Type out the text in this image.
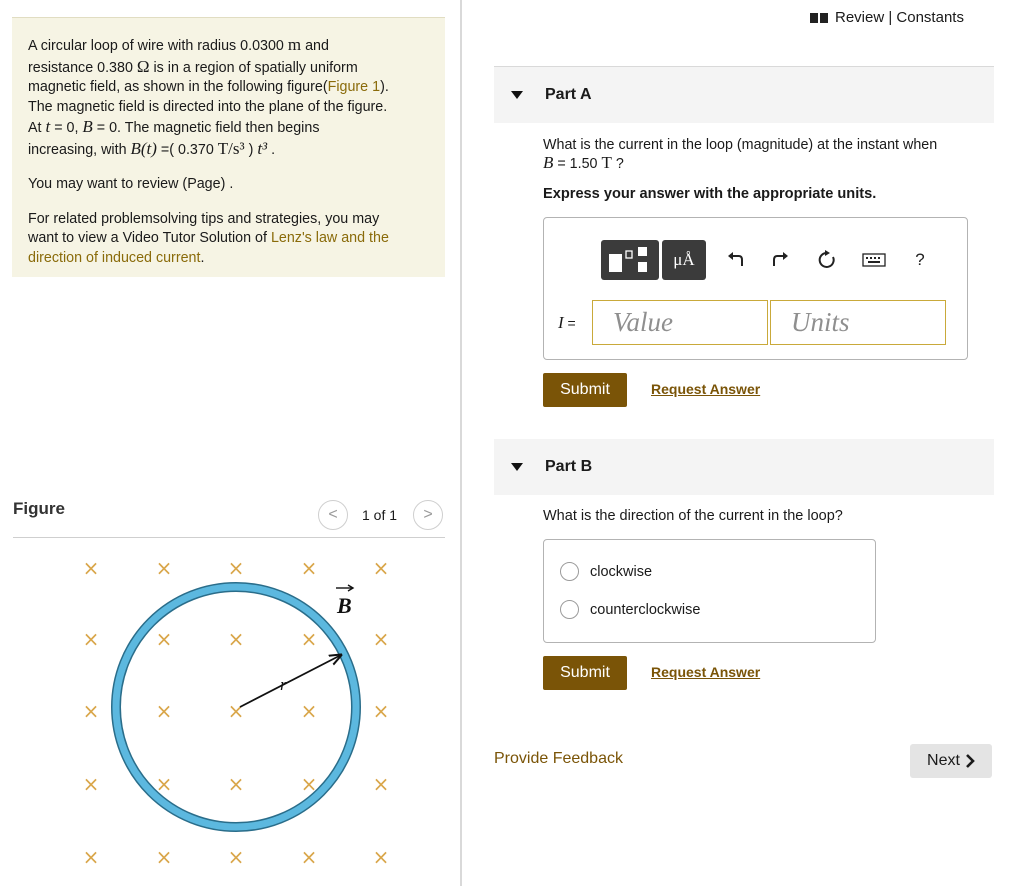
Review | Constants

A circular loop of wire with radius 0.0300 m and
resistance 0.380 Ω is in a region of spatially uniform
magnetic field, as shown in the following figure(Figure 1).
The magnetic field is directed into the plane of the figure.
At t = 0, B = 0. The magnetic field then begins
increasing, with B(t) =( 0.370 T/s³ ) t³ .

You may want to review (Page) .

For related problemsolving tips and strategies, you may
want to view a Video Tutor Solution of Lenz's law and the
direction of induced current.

Figure	< 1 of 1 >
×	×	×	×	×
×	×	×	×	×
×	×	×	×	×
×	×	×	×	×
×	×	×	×	×
r
B
Part A
What is the current in the loop (magnitude) at the instant when
B = 1.50 T ?
Express your answer with the appropriate units.
μÅ	?
I =	Value	Units
Submit	Request Answer
Part B
What is the direction of the current in the loop?
clockwise
counterclockwise
Submit	Request Answer
Provide Feedback	Next
